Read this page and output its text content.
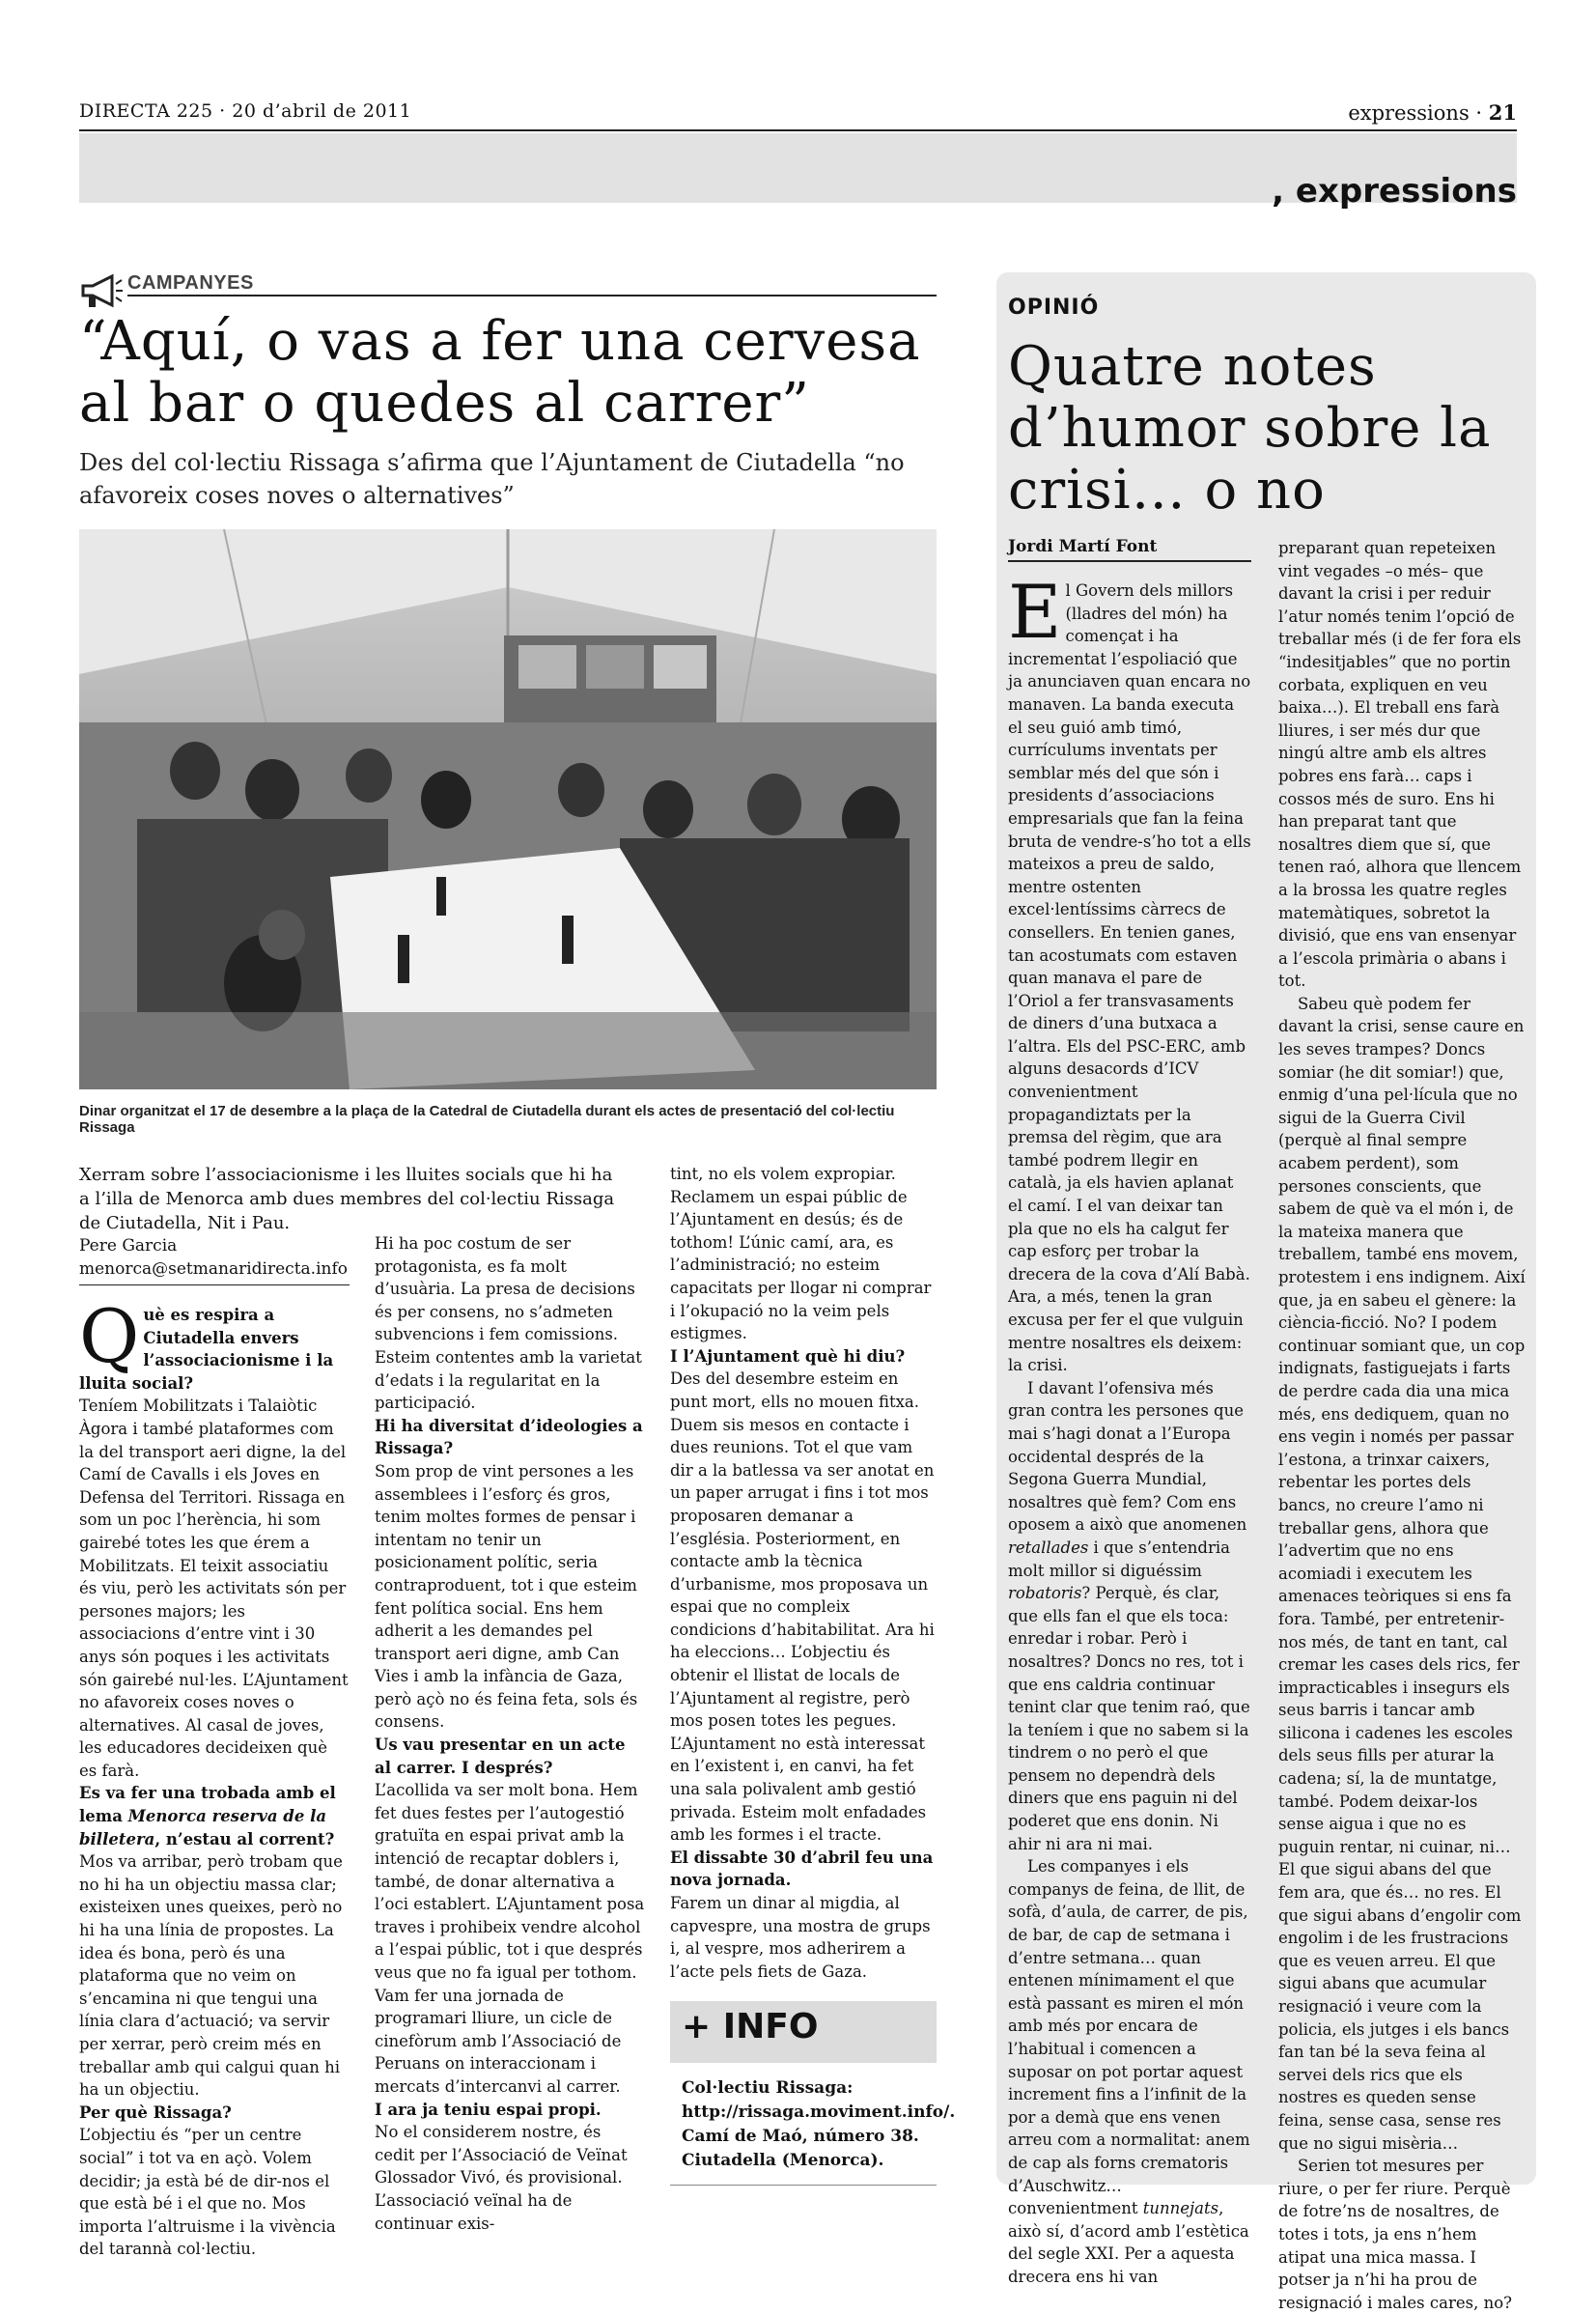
DIRECTA 225 · 20 d’abril de 2011	expressions · 21
, expressions
CAMPANYES
“Aquí, o vas a fer una cervesa al bar o quedes al carrer”
Des del col·lectiu Rissaga s’afirma que l’Ajuntament de Ciutadella “no afavoreix coses noves o alternatives”
Dinar organitzat el 17 de desembre a la plaça de la Catedral de Ciutadella durant els actes de presentació del col·lectiu Rissaga
Xerram sobre l’associacionisme i les lluites socials que hi ha a l’illa de Menorca amb dues membres del col·lectiu Rissaga de Ciutadella, Nit i Pau.
Pere Garcia
menorca@setmanaridirecta.info

Què es respira a Ciutadella envers l’associacionisme i la lluita social?

Teníem Mobilitzats i Talaiòtic Àgora i també plataformes com la del transport aeri digne, la del Camí de Cavalls i els Joves en Defensa del Territori. Rissaga en som un poc l’herència, hi som gairebé totes les que érem a Mobilitzats. El teixit associatiu és viu, però les activitats són per persones majors; les associacions d’entre vint i 30 anys són poques i les activitats són gairebé nul·les. L’Ajuntament no afavoreix coses noves o alternatives. Al casal de joves, les educadores decideixen què es farà.

Es va fer una trobada amb el lema Menorca reserva de la billetera, n’estau al corrent?

Mos va arribar, però trobam que no hi ha un objectiu massa clar; existeixen unes queixes, però no hi ha una línia de propostes. La idea és bona, però és una plataforma que no veim on s’encamina ni que tengui una línia clara d’actuació; va servir per xerrar, però creim més en treballar amb qui calgui quan hi ha un objectiu.

Per què Rissaga?

L’objectiu és “per un centre social” i tot va en açò. Volem decidir; ja està bé de dir-nos el que està bé i el que no. Mos importa l’altruisme i la vivència del tarannà col·lectiu.

Hi ha poc costum de ser protagonista, es fa molt d’usuària. La presa de decisions és per consens, no s’admeten subvencions i fem comissions. Esteim contentes amb la varietat d’edats i la regularitat en la participació.

Hi ha diversitat d’ideologies a Rissaga?

Som prop de vint persones a les assemblees i l’esforç és gros, tenim moltes formes de pensar i intentam no tenir un posicionament polític, seria contraproduent, tot i que esteim fent política social. Ens hem adherit a les demandes pel transport aeri digne, amb Can Vies i amb la infància de Gaza, però açò no és feina feta, sols és consens.

Us vau presentar en un acte al carrer. I després?

L’acollida va ser molt bona. Hem fet dues festes per l’autogestió gratuïta en espai privat amb la intenció de recaptar doblers i, també, de donar alternativa a l’oci establert. L’Ajuntament posa traves i prohibeix vendre alcohol a l’espai públic, tot i que després veus que no fa igual per tothom. Vam fer una jornada de programari lliure, un cicle de cinefòrum amb l’Associació de Peruans on interaccionam i mercats d’intercanvi al carrer.

I ara ja teniu espai propi.

No el considerem nostre, és cedit per l’Associació de Veïnat Glossador Vivó, és provisional. L’associació veïnal ha de continuar exis-

tint, no els volem expropiar. Reclamem un espai públic de l’Ajuntament en desús; és de tothom! L’únic camí, ara, es l’administració; no esteim capacitats per llogar ni comprar i l’okupació no la veim pels estigmes.

I l’Ajuntament què hi diu?

Des del desembre esteim en punt mort, ells no mouen fitxa. Duem sis mesos en contacte i dues reunions. Tot el que vam dir a la batlessa va ser anotat en un paper arrugat i fins i tot mos proposaren demanar a l’església. Posteriorment, en contacte amb la tècnica d’urbanisme, mos proposava un espai que no compleix condicions d’habitabilitat. Ara hi ha eleccions… L’objectiu és obtenir el llistat de locals de l’Ajuntament al registre, però mos posen totes les pegues. L’Ajuntament no està interessat en l’existent i, en canvi, ha fet una sala polivalent amb gestió privada. Esteim molt enfadades amb les formes i el tracte.

El dissabte 30 d’abril feu una nova jornada.

Farem un dinar al migdia, al capvespre, una mostra de grups i, al vespre, mos adherirem a l’acte pels fiets de Gaza.

+ INFO
Col·lectiu Rissaga:
http://rissaga.moviment.info/.
Camí de Maó, número 38.
Ciutadella (Menorca).
OPINIÓ
Quatre notes d’humor sobre la crisi… o no
Jordi Martí Font

El Govern dels millors (lladres del món) ha començat i ha incrementat l’espoliació que ja anunciaven quan encara no manaven. La banda executa el seu guió amb timó, currículums inventats per semblar més del que són i presidents d’associacions empresarials que fan la feina bruta de vendre-s’ho tot a ells mateixos a preu de saldo, mentre ostenten excel·lentíssims càrrecs de consellers. En tenien ganes, tan acostumats com estaven quan manava el pare de l’Oriol a fer transvasaments de diners d’una butxaca a l’altra. Els del PSC-ERC, amb alguns desacords d’ICV convenientment propagandiztats per la premsa del règim, que ara també podrem llegir en català, ja els havien aplanat el camí. I el van deixar tan pla que no els ha calgut fer cap esforç per trobar la drecera de la cova d’Alí Babà. Ara, a més, tenen la gran excusa per fer el que vulguin mentre nosaltres els deixem: la crisi.

I davant l’ofensiva més gran contra les persones que mai s’hagi donat a l’Europa occidental després de la Segona Guerra Mundial, nosaltres què fem? Com ens oposem a això que anomenen retallades i que s’entendria molt millor si diguéssim robatoris? Perquè, és clar, que ells fan el que els toca: enredar i robar. Però i nosaltres? Doncs no res, tot i que ens caldria continuar tenint clar que tenim raó, que la teníem i que no sabem si la tindrem o no però el que pensem no dependrà dels diners que ens paguin ni del poderet que ens donin. Ni ahir ni ara ni mai.

Les companyes i els companys de feina, de llit, de sofà, d’aula, de carrer, de pis, de bar, de cap de setmana i d’entre setmana… quan entenen mínimament el que està passant es miren el món amb més por encara de l’habitual i comencen a suposar on pot portar aquest increment fins a l’infinit de la por a demà que ens venen arreu com a normalitat: anem de cap als forns crematoris d’Auschwitz… convenientment tunnejats, això sí, d’acord amb l’estètica del segle XXI. Per a aquesta drecera ens hi van

preparant quan repeteixen vint vegades –o més– que davant la crisi i per reduir l’atur només tenim l’opció de treballar més (i de fer fora els “indesitjables” que no portin corbata, expliquen en veu baixa…). El treball ens farà lliures, i ser més dur que ningú altre amb els altres pobres ens farà… caps i cossos més de suro. Ens hi han preparat tant que nosaltres diem que sí, que tenen raó, alhora que llencem a la brossa les quatre regles matemàtiques, sobretot la divisió, que ens van ensenyar a l’escola primària o abans i tot.

Sabeu què podem fer davant la crisi, sense caure en les seves trampes? Doncs somiar (he dit somiar!) que, enmig d’una pel·lícula que no sigui de la Guerra Civil (perquè al final sempre acabem perdent), som persones conscients, que sabem de què va el món i, de la mateixa manera que treballem, també ens movem, protestem i ens indignem. Així que, ja en sabeu el gènere: la ciència-ficció. No? I podem continuar somiant que, un cop indignats, fastiguejats i farts de perdre cada dia una mica més, ens dediquem, quan no ens vegin i només per passar l’estona, a trinxar caixers, rebentar les portes dels bancs, no creure l’amo ni treballar gens, alhora que l’advertim que no ens acomiadi i executem les amenaces teòriques si ens fa fora. També, per entretenir-nos més, de tant en tant, cal cremar les cases dels rics, fer impracticables i insegurs els seus barris i tancar amb silicona i cadenes les escoles dels seus fills per aturar la cadena; sí, la de muntatge, també. Podem deixar-los sense aigua i que no es puguin rentar, ni cuinar, ni… El que sigui abans del que fem ara, que és… no res. El que sigui abans d’engolir com engolim i de les frustracions que es veuen arreu. El que sigui abans que acumular resignació i veure com la policia, els jutges i els bancs fan tan bé la seva feina al servei dels rics que els nostres es queden sense feina, sense casa, sense res que no sigui misèria…

Serien tot mesures per riure, o per fer riure. Perquè de fotre’ns de nosaltres, de totes i tots, ja ens n’hem atipat una mica massa. I potser ja n’hi ha prou de resignació i males cares, no?
